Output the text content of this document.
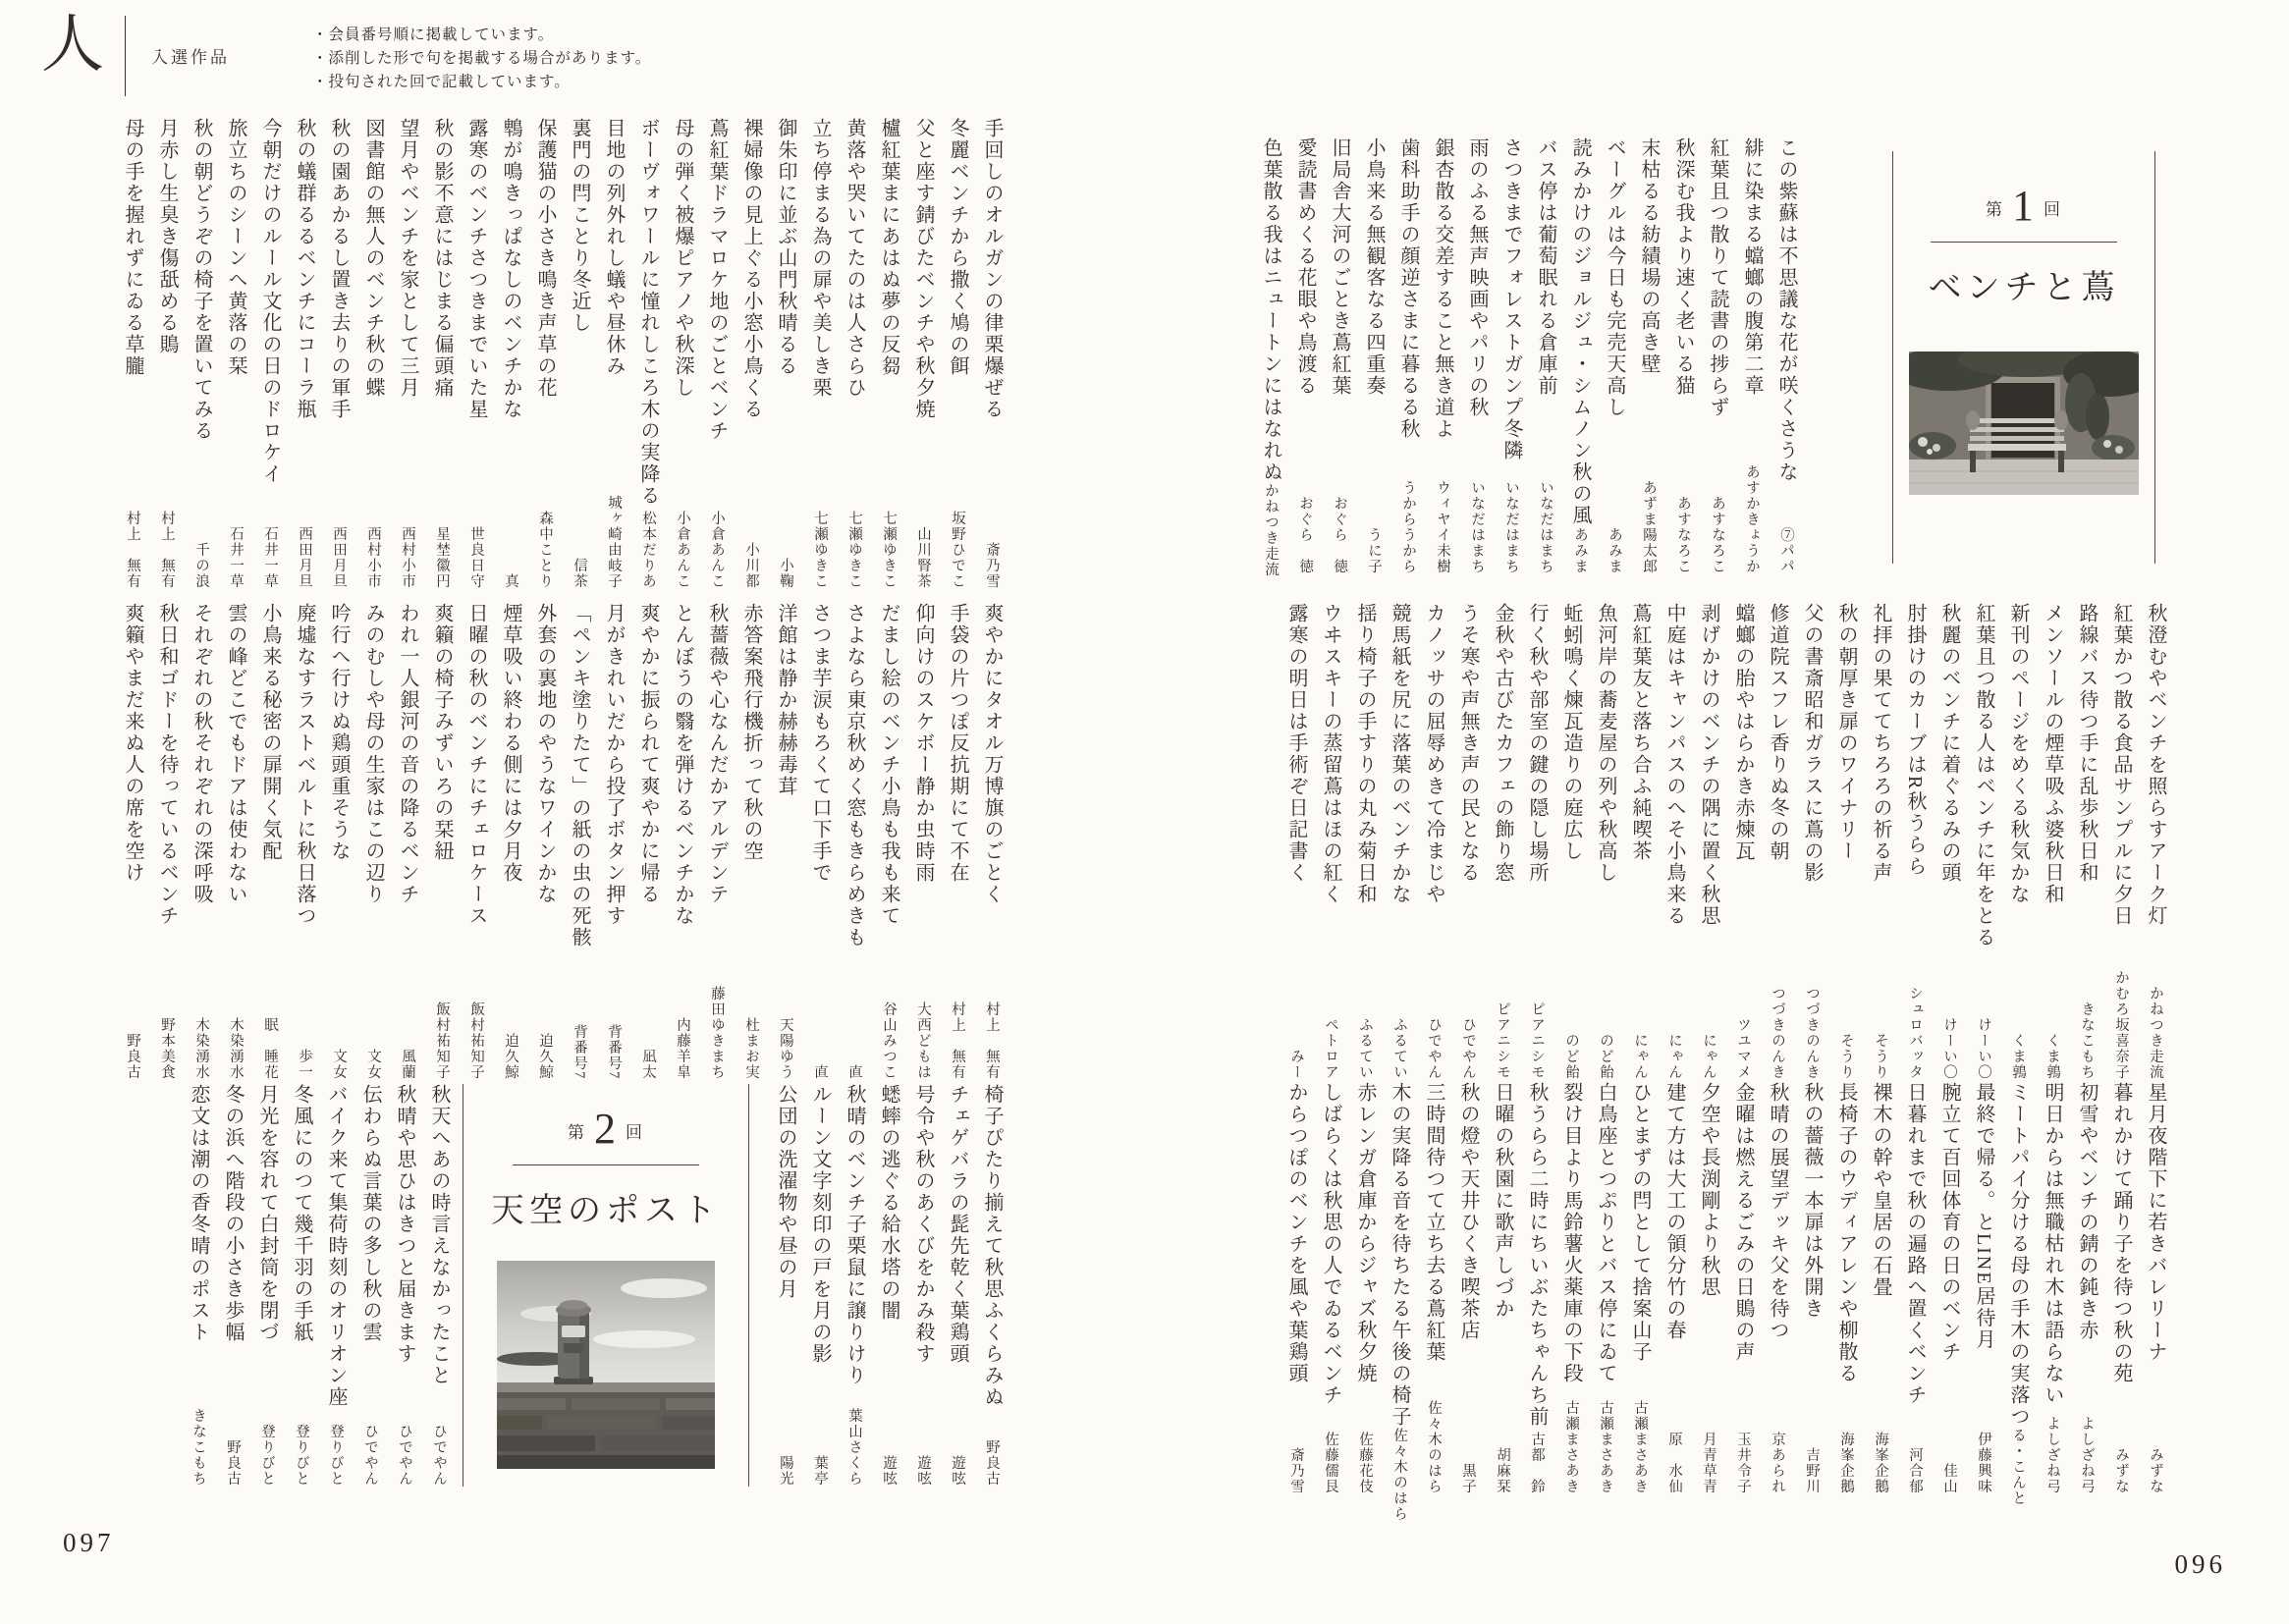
人	入選作品
・会員番号順に掲載しています。
・添削した形で句を掲載する場合があります。
・投句された回で記載しています。
手回しのオルガンの律栗爆ぜる
斎乃雪
冬麗ベンチから撒く鳩の餌
坂野ひでこ
父と座す錆びたベンチや秋夕焼
山川腎茶
櫨紅葉まにあはぬ夢の反芻
七瀬ゆきこ
黄落や哭いてたのは人さらひ
七瀬ゆきこ
立ち停まる為の扉や美しき栗
七瀬ゆきこ
御朱印に並ぶ山門秋晴るる
小鞠
裸婦像の見上ぐる小窓小鳥くる
小川都
蔦紅葉ドラマロケ地のごとベンチ
小倉あんこ
母の弾く被爆ピアノや秋深し
小倉あんこ
ボーヴォワールに憧れしころ木の実降る
松本だりあ
目地の列外れし蟻や昼休み
城ヶ崎由岐子
裏門の閂ことり冬近し
信茶
保護猫の小さき鳴き声草の花
森中ことり
鵯が鳴きっぱなしのベンチかな
真
露寒のベンチさつきまでいた星
世良日守
秋の影不意にはじまる偏頭痛
星埜徽円
望月やベンチを家として三月
西村小市
図書館の無人のベンチ秋の蝶
西村小市
秋の園あかるし置き去りの軍手
西田月旦
秋の蟻群るるベンチにコーラ瓶
西田月旦
今朝だけのルール文化の日のドロケイ
石井一草
旅立ちのシーンへ黄落の栞
石井一草
秋の朝どうぞの椅子を置いてみる
千の浪
月赤し生臭き傷舐める鵙
村上　無有
母の手を握れずにゐる草朧
村上　無有
爽やかにタオル万博旗のごとく
村上　無有
手袋の片つぽ反抗期にて不在
村上　無有
仰向けのスケボー静か虫時雨
大西どもは
だまし絵のベンチ小鳥も我も来て
谷山みつこ
さよなら東京秋めく窓もきらめきも
直
さつま芋涙もろくて口下手で
直
洋館は静か赫赫毒茸
天陽ゆう
赤答案飛行機折って秋の空
杜まお実
秋薔薇や心なんだかアルデンテ
藤田ゆきまち
とんぼうの翳を弾けるベンチかな
内藤羊皐
爽やかに振られて爽やかに帰る
凪太
月がきれいだから投了ボタン押す
背番号7
「ペンキ塗りたて」の紙の虫の死骸
背番号7
外套の裏地のやうなワインかな
迫久鯨
煙草吸い終わる側には夕月夜
迫久鯨
日曜の秋のベンチにチェロケース
飯村祐知子
爽籟の椅子みずいろの栞紐
飯村祐知子
われ一人銀河の音の降るベンチ
風蘭
みのむしや母の生家はこの辺り
文女
吟行へ行けぬ鶏頭重そうな
文女
廃墟なすラストベルトに秋日落つ
歩一
小鳥来る秘密の扉開く気配
眠　睡花
雲の峰どこでもドアは使わない
木染湧水
それぞれの秋それぞれの深呼吸
木染湧水
秋日和ゴドーを待っているベンチ
野本美食
爽籟やまだ来ぬ人の席を空け
野良古
椅子ぴたり揃えて秋思ふくらみぬ
野良古
チェゲバラの髭先乾く葉鶏頭
遊呟
号令や秋のあくびをかみ殺す
遊呟
蟋蟀の逃ぐる給水塔の闇
遊呟
秋晴のベンチ子栗鼠に譲りけり
葉山さくら
ルーン文字刻印の戸を月の影
葉亭
公団の洗濯物や昼の月
陽光
第 2 回
天空のポスト
秋天へあの時言えなかったこと
ひでやん
秋晴や思ひはきつと届きます
ひでやん
伝わらぬ言葉の多し秋の雲
ひでやん
バイク来て集荷時刻のオリオン座
登りびと
冬風にのつて幾千羽の手紙
登りびと
月光を容れて白封筒を閉づ
登りびと
冬の浜へ階段の小さき歩幅
野良古
恋文は潮の香冬晴のポスト
きなこもち
097
第 1 回
ベンチと蔦
この紫蘇は不思議な花が咲くさうな
⑦パパ
緋に染まる蟷螂の腹第二章
あすかきょうか
紅葉且つ散りて読書の捗らず
あすなろこ
秋深む我より速く老いる猫
あすなろこ
末枯るる紡績場の高き壁
あずま陽太郎
ベーグルは今日も完売天高し
あみま
読みかけのジョルジュ・シムノン秋の風
あみま
バス停は葡萄眠れる倉庫前
いなだはまち
さつきまでフォレストガンプ冬隣
いなだはまち
雨のふる無声映画やパリの秋
いなだはまち
銀杏散る交差すること無き道よ
ウィヤイ未樹
歯科助手の顔逆さまに暮るる秋
うからうから
小鳥来る無観客なる四重奏
うに子
旧局舎大河のごとき蔦紅葉
おぐら　徳
愛読書めくる花眼や鳥渡る
おぐら　徳
色葉散る我はニュートンにはなれぬ
かねつき走流
秋澄むやベンチを照らすアーク灯
かねつき走流
紅葉かつ散る食品サンプルに夕日
かむろ坂喜奈子
路線バス待つ手に乱歩秋日和
きなこもち
メンソールの煙草吸ふ婆秋日和
くま鶉
新刊のページをめくる秋気かな
くま鶉
紅葉且つ散る人はベンチに年をとる
けーい〇
秋麗のベンチに着ぐるみの頭
けーい〇
肘掛けのカーブはR秋うらら
シュロバッタ
礼拝の果ててちろろの祈る声
そうり
秋の朝厚き扉のワイナリー
そうり
父の書斎昭和ガラスに蔦の影
つづきのんき
修道院スフレ香りぬ冬の朝
つづきのんき
蟷螂の胎やはらかき赤煉瓦
ツユマメ
剥げかけのベンチの隅に置く秋思
にゃん
中庭はキャンパスのへそ小鳥来る
にゃん
蔦紅葉友と落ち合ふ純喫茶
にゃん
魚河岸の蕎麦屋の列や秋高し
のど飴
蚯蚓鳴く煉瓦造りの庭広し
のど飴
行く秋や部室の鍵の隠し場所
ピアニシモ
金秋や古びたカフェの飾り窓
ピアニシモ
うそ寒や声無き声の民となる
ひでやん
カノッサの屈辱めきて冷まじや
ひでやん
競馬紙を尻に落葉のベンチかな
ふるてい
揺り椅子の手すりの丸み菊日和
ふるてい
ウヰスキーの蒸留蔦はほの紅く
ペトロア
露寒の明日は手術ぞ日記書く
みー
星月夜階下に若きバレリーナ
みずな
暮れかけて踊り子を待つ秋の苑
みずな
初雪やベンチの錆の鈍き赤
よしざね弓
明日からは無職枯れ木は語らない
よしざね弓
ミートパイ分ける母の手木の実落つ
る・こんと
最終で帰る。とLINE居待月
伊藤興味
腕立て百回体育の日のベンチ
佳山
日暮れまで秋の遍路へ置くベンチ
河合郁
裸木の幹や皇居の石畳
海峯企鵝
長椅子のウディアレンや柳散る
海峯企鵝
秋の薔薇一本扉は外開き
吉野川
秋晴の展望デッキ父を待つ
京あられ
金曜は燃えるごみの日鵙の声
玉井令子
夕空や長渕剛より秋思
月青草青
建て方は大工の領分竹の春
原　水仙
ひとまずの閂として捨案山子
古瀬まさあき
白鳥座とつぷりとバス停にゐて
古瀬まさあき
裂け目より馬鈴薯火薬庫の下段
古瀬まさあき
秋うらら二時にちいぶたちゃんち前
古都　鈴
日曜の秋園に歌声しづか
胡麻栞
秋の燈や天井ひくき喫茶店
黒子
三時間待つて立ち去る蔦紅葉
佐々木のはら
木の実降る音を待ちたる午後の椅子
佐々木のはら
赤レンガ倉庫からジャズ秋夕焼
佐藤花伎
しばらくは秋思の人でゐるベンチ
佐藤儒艮
からつぽのベンチを風や葉鶏頭
斎乃雪
096
